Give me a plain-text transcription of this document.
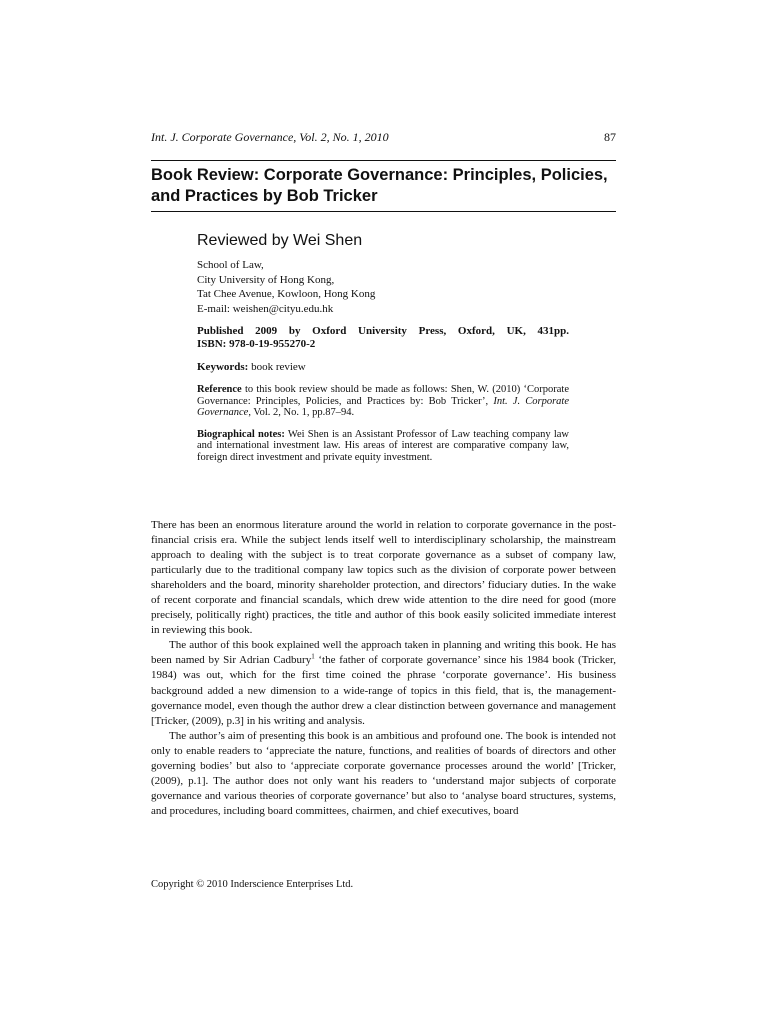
Int. J. Corporate Governance, Vol. 2, No. 1, 2010	87
Book Review: Corporate Governance: Principles, Policies, and Practices by Bob Tricker
Reviewed by Wei Shen
School of Law,
City University of Hong Kong,
Tat Chee Avenue, Kowloon, Hong Kong
E-mail: weishen@cityu.edu.hk
Published 2009 by Oxford University Press, Oxford, UK, 431pp.
ISBN: 978-0-19-955270-2
Keywords: book review
Reference to this book review should be made as follows: Shen, W. (2010) ‘Corporate Governance: Principles, Policies, and Practices by: Bob Tricker’, Int. J. Corporate Governance, Vol. 2, No. 1, pp.87–94.
Biographical notes: Wei Shen is an Assistant Professor of Law teaching company law and international investment law. His areas of interest are comparative company law, foreign direct investment and private equity investment.

There has been an enormous literature around the world in relation to corporate governance in the post-financial crisis era. While the subject lends itself well to interdisciplinary scholarship, the mainstream approach to dealing with the subject is to treat corporate governance as a subset of company law, particularly due to the traditional company law topics such as the division of corporate power between shareholders and the board, minority shareholder protection, and directors’ fiduciary duties. In the wake of recent corporate and financial scandals, which drew wide attention to the dire need for good (more precisely, politically right) practices, the title and author of this book easily solicited immediate interest in reviewing this book.

The author of this book explained well the approach taken in planning and writing this book. He has been named by Sir Adrian Cadbury$^1$ ‘the father of corporate governance’ since his 1984 book (Tricker, 1984) was out, which for the first time coined the phrase ‘corporate governance’. His business background added a new dimension to a wide-range of topics in this field, that is, the management-governance model, even though the author drew a clear distinction between governance and management [Tricker, (2009), p.3] in his writing and analysis.

The author’s aim of presenting this book is an ambitious and profound one. The book is intended not only to enable readers to ‘appreciate the nature, functions, and realities of boards of directors and other governing bodies’ but also to ‘appreciate corporate governance processes around the world’ [Tricker, (2009), p.1]. The author does not only want his readers to ‘understand major subjects of corporate governance and various theories of corporate governance’ but also to ‘analyse board structures, systems, and procedures, including board committees, chairmen, and chief executives, board

Copyright © 2010 Inderscience Enterprises Ltd.
